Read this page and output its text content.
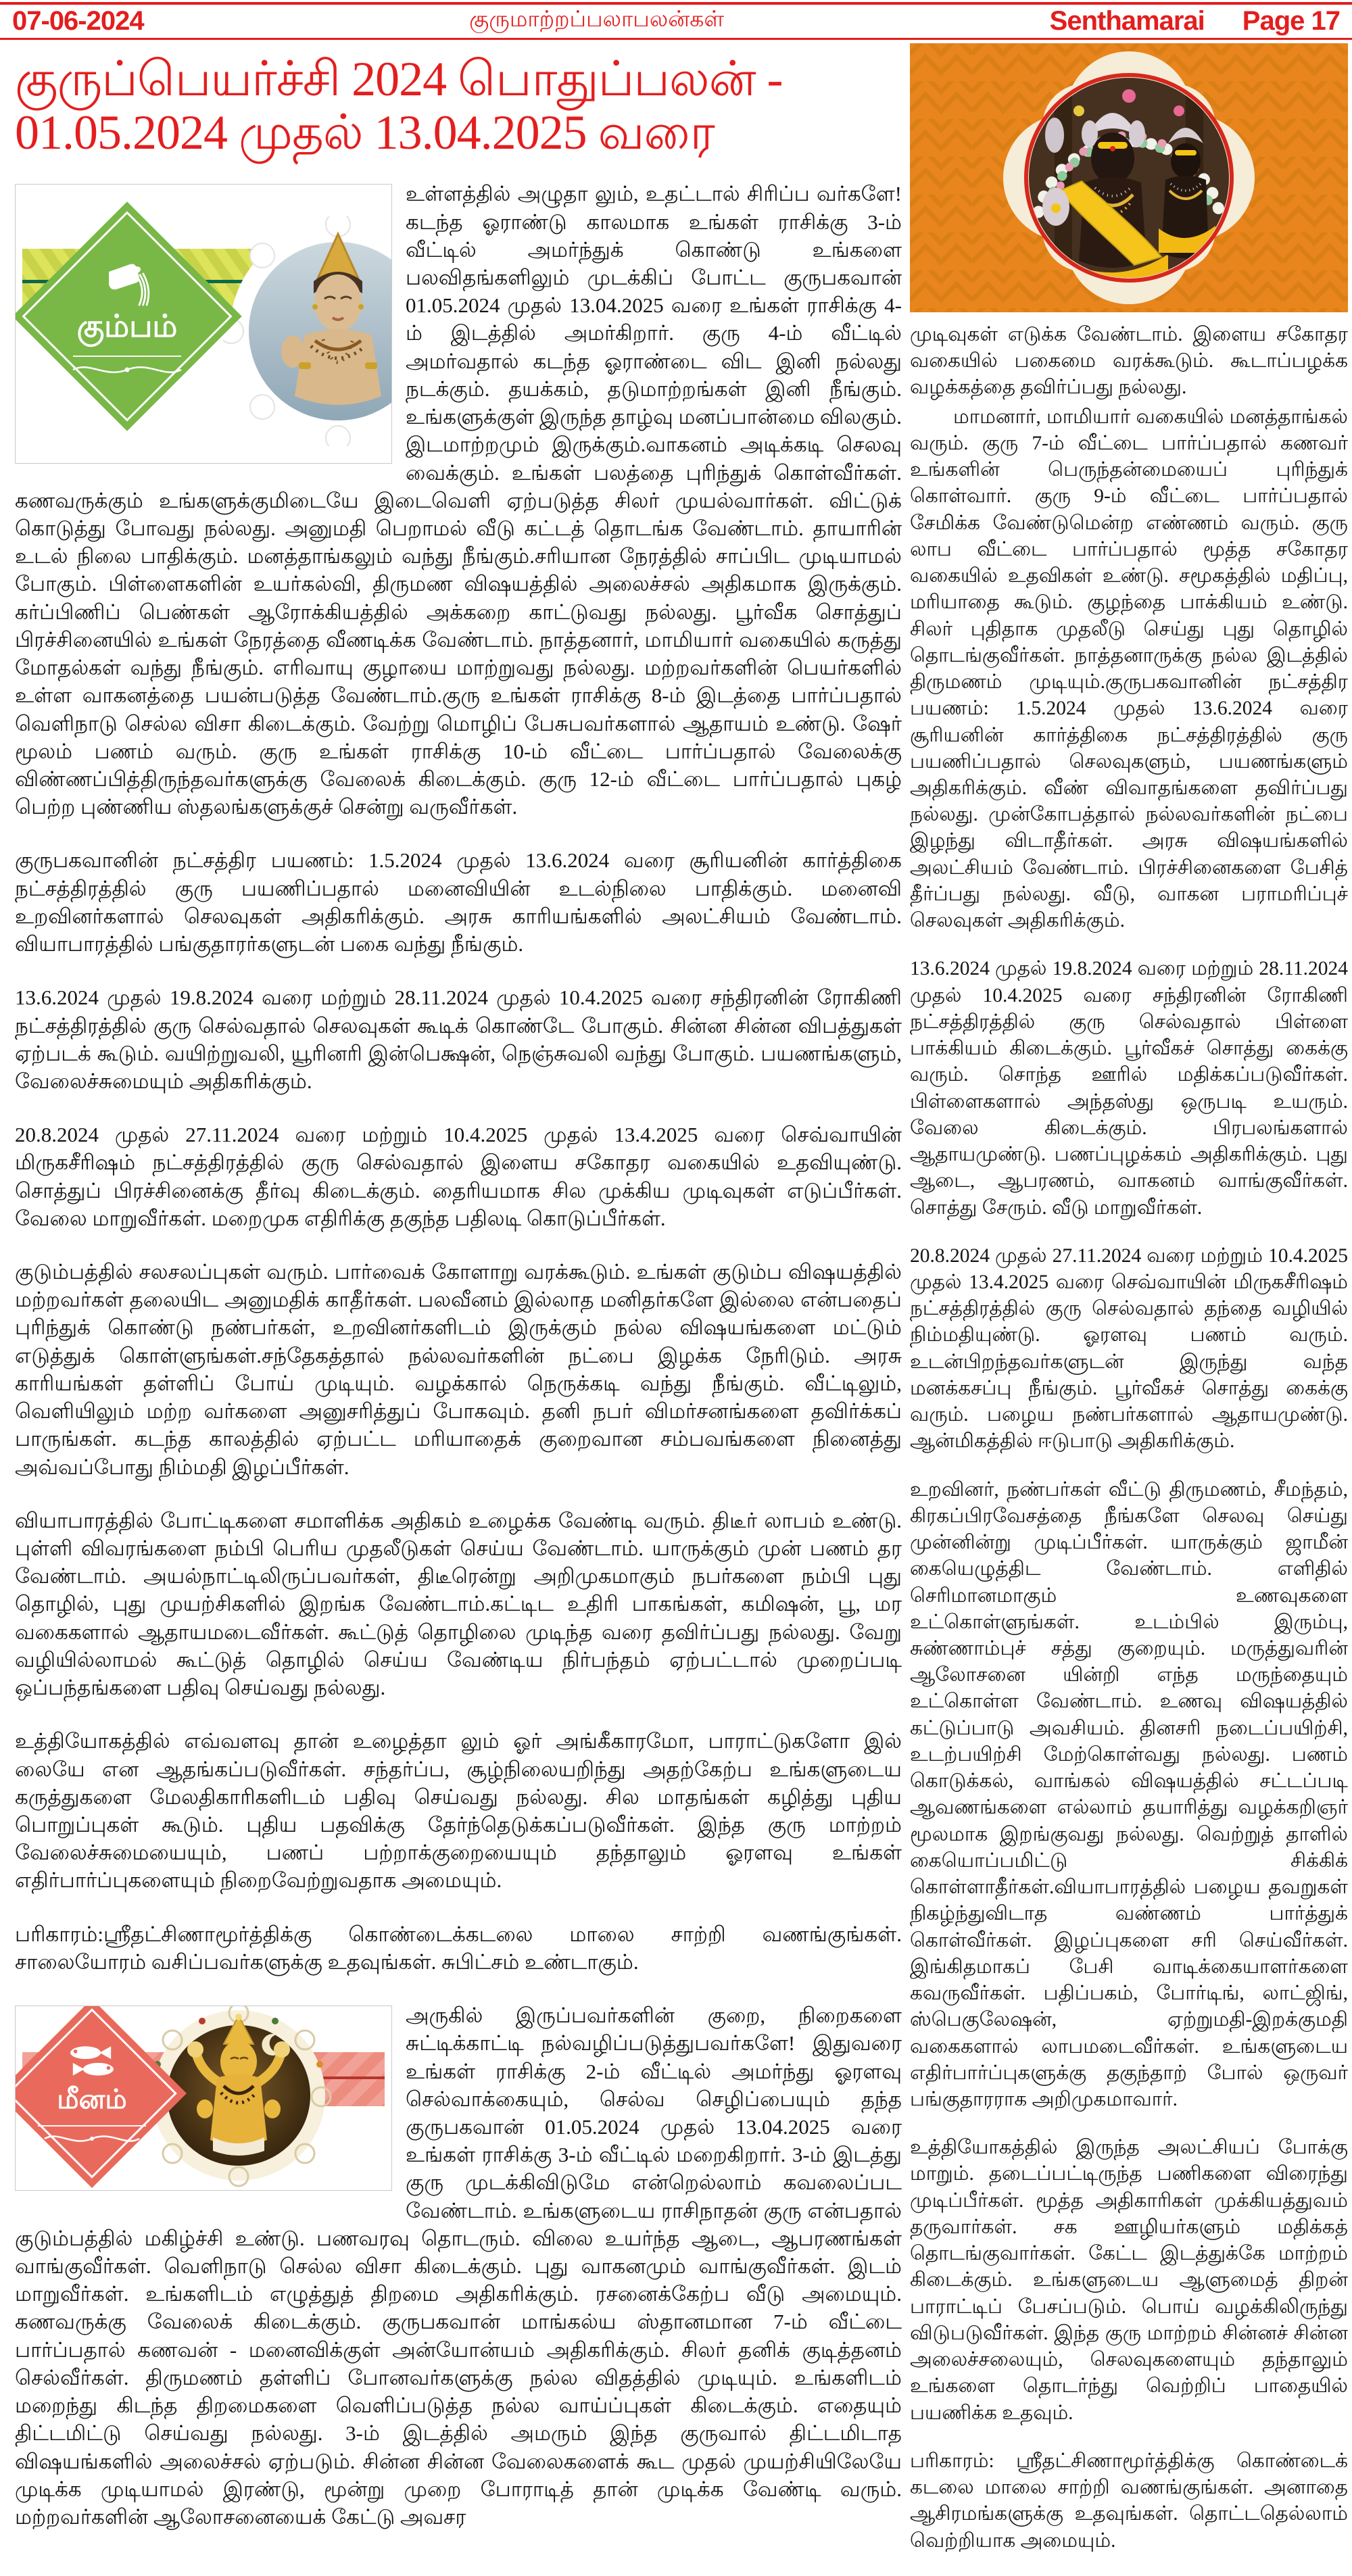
07-06-2024	குருமாற்றப்பலாபலன்கள்	Senthamarai Page 17
குருப்பெயர்ச்சி 2024 பொதுப்பலன் -
01.05.2024 முதல் 13.04.2025 வரை
கும்பம்

உள்ளத்தில் அழுதா லும், உதட்டால் சிரிப்ப வர்களே! கடந்த ஓராண்டு காலமாக உங்கள் ராசிக்கு 3-ம் வீட்டில் அமர்ந்துக் கொண்டு உங்களை பலவிதங்களிலும் முடக்கிப் போட்ட குருபகவான் 01.05.2024 முதல் 13.04.2025 வரை உங்கள் ராசிக்கு 4-ம் இடத்தில் அமர்கிறார். குரு 4-ம் வீட்டில் அமர்வதால் கடந்த ஓராண்டை விட இனி நல்லது நடக்கும். தயக்கம், தடுமாற்றங்கள் இனி நீங்கும். உங்களுக்குள் இருந்த தாழ்வு மனப்பான்மை விலகும். இடமாற்றமும் இருக்கும்.வாகனம் அடிக்கடி செலவு வைக்கும். உங்கள் பலத்தை புரிந்துக் கொள்வீர்கள். கணவருக்கும் உங்களுக்குமிடையே இடைவெளி ஏற்படுத்த சிலர் முயல்வார்கள். விட்டுக் கொடுத்து போவது நல்லது. அனுமதி பெறாமல் வீடு கட்டத் தொடங்க வேண்டாம். தாயாரின் உடல் நிலை பாதிக்கும். மனத்தாங்கலும் வந்து நீங்கும்.சரியான நேரத்தில் சாப்பிட முடியாமல் போகும். பிள்ளைகளின் உயர்கல்வி, திருமண விஷயத்தில் அலைச்சல் அதிகமாக இருக்கும். கர்ப்பிணிப் பெண்கள் ஆரோக்கியத்தில் அக்கறை காட்டுவது நல்லது. பூர்வீக சொத்துப் பிரச்சினையில் உங்கள் நேரத்தை வீணடிக்க வேண்டாம். நாத்தனார், மாமியார் வகையில் கருத்து மோதல்கள் வந்து நீங்கும். எரிவாயு குழாயை மாற்றுவது நல்லது. மற்றவர்களின் பெயர்களில் உள்ள வாகனத்தை பயன்படுத்த வேண்டாம்.குரு உங்கள் ராசிக்கு 8-ம் இடத்தை பார்ப்பதால் வெளிநாடு செல்ல விசா கிடைக்கும். வேற்று மொழிப் பேசுபவர்களால் ஆதாயம் உண்டு. ஷேர் மூலம் பணம் வரும். குரு உங்கள் ராசிக்கு 10-ம் வீட்டை பார்ப்பதால் வேலைக்கு விண்ணப்பித்திருந்தவர்களுக்கு வேலைக் கிடைக்கும். குரு 12-ம் வீட்டை பார்ப்பதால் புகழ் பெற்ற புண்ணிய ஸ்தலங்களுக்குச் சென்று வருவீர்கள்.

குருபகவானின் நட்சத்திர பயணம்: 1.5.2024 முதல் 13.6.2024 வரை சூரியனின் கார்த்திகை நட்சத்திரத்தில் குரு பயணிப்பதால் மனைவியின் உடல்நிலை பாதிக்கும். மனைவி உறவினர்களால் செலவுகள் அதிகரிக்கும். அரசு காரியங்களில் அலட்சியம் வேண்டாம். வியாபாரத்தில் பங்குதாரர்களுடன் பகை வந்து நீங்கும்.

13.6.2024 முதல் 19.8.2024 வரை மற்றும் 28.11.2024 முதல் 10.4.2025 வரை சந்திரனின் ரோகிணி நட்சத்திரத்தில் குரு செல்வதால் செலவுகள் கூடிக் கொண்டே போகும். சின்ன சின்ன விபத்துகள் ஏற்படக் கூடும். வயிற்றுவலி, யூரினரி இன்பெக்ஷன், நெஞ்சுவலி வந்து போகும். பயணங்களும், வேலைச்சுமையும் அதிகரிக்கும்.

20.8.2024 முதல் 27.11.2024 வரை மற்றும் 10.4.2025 முதல் 13.4.2025 வரை செவ்வாயின் மிருகசீரிஷம் நட்சத்திரத்தில் குரு செல்வதால் இளைய சகோதர வகையில் உதவியுண்டு. சொத்துப் பிரச்சினைக்கு தீர்வு கிடைக்கும். தைரியமாக சில முக்கிய முடிவுகள் எடுப்பீர்கள். வேலை மாறுவீர்கள். மறைமுக எதிரிக்கு தகுந்த பதிலடி கொடுப்பீர்கள்.

குடும்பத்தில் சலசலப்புகள் வரும். பார்வைக் கோளாறு வரக்கூடும். உங்கள் குடும்ப விஷயத்தில் மற்றவர்கள் தலையிட அனுமதிக் காதீர்கள். பலவீனம் இல்லாத மனிதர்களே இல்லை என்பதைப் புரிந்துக் கொண்டு நண்பர்கள், உறவினர்களிடம் இருக்கும் நல்ல விஷயங்களை மட்டும் எடுத்துக் கொள்ளுங்கள்.சந்தேகத்தால் நல்லவர்களின் நட்பை இழக்க நேரிடும். அரசு காரியங்கள் தள்ளிப் போய் முடியும். வழக்கால் நெருக்கடி வந்து நீங்கும். வீட்டிலும், வெளியிலும் மற்ற வர்களை அனுசரித்துப் போகவும். தனி நபர் விமர்சனங்களை தவிர்க்கப் பாருங்கள். கடந்த காலத்தில் ஏற்பட்ட மரியாதைக் குறைவான சம்பவங்களை நினைத்து அவ்வப்போது நிம்மதி இழப்பீர்கள்.

வியாபாரத்தில் போட்டிகளை சமாளிக்க அதிகம் உழைக்க வேண்டி வரும். திடீர் லாபம் உண்டு. புள்ளி விவரங்களை நம்பி பெரிய முதலீடுகள் செய்ய வேண்டாம். யாருக்கும் முன் பணம் தர வேண்டாம். அயல்நாட்டிலிருப்பவர்கள், திடீரென்று அறிமுகமாகும் நபர்களை நம்பி புது தொழில், புது முயற்சிகளில் இறங்க வேண்டாம்.கட்டிட உதிரி பாகங்கள், கமிஷன், பூ, மர வகைகளால் ஆதாயமடைவீர்கள். கூட்டுத் தொழிலை முடிந்த வரை தவிர்ப்பது நல்லது. வேறு வழியில்லாமல் கூட்டுத் தொழில் செய்ய வேண்டிய நிர்பந்தம் ஏற்பட்டால் முறைப்படி ஒப்பந்தங்களை பதிவு செய்வது நல்லது.

உத்தியோகத்தில் எவ்வளவு தான் உழைத்தா லும் ஓர் அங்கீகாரமோ, பாராட்டுகளோ இல் லையே என ஆதங்கப்படுவீர்கள். சந்தர்ப்ப, சூழ்நிலையறிந்து அதற்கேற்ப உங்களுடைய கருத்துகளை மேலதிகாரிகளிடம் பதிவு செய்வது நல்லது. சில மாதங்கள் கழித்து புதிய பொறுப்புகள் கூடும். புதிய பதவிக்கு தேர்ந்தெடுக்கப்படுவீர்கள். இந்த குரு மாற்றம் வேலைச்சுமையையும், பணப் பற்றாக்குறையையும் தந்தாலும் ஓரளவு உங்கள் எதிர்பார்ப்புகளையும் நிறைவேற்றுவதாக அமையும்.

பரிகாரம்:ஸ்ரீதட்சிணாமூர்த்திக்கு கொண்டைக்கடலை மாலை சாற்றி வணங்குங்கள். சாலையோரம் வசிப்பவர்களுக்கு உதவுங்கள். சுபிட்சம் உண்டாகும்.

மீனம்

அருகில் இருப்பவர்களின் குறை, நிறைகளை சுட்டிக்காட்டி நல்வழிப்படுத்துபவர்களே! இதுவரை உங்கள் ராசிக்கு 2-ம் வீட்டில் அமர்ந்து ஓரளவு செல்வாக்கையும், செல்வ செழிப்பையும் தந்த குருபகவான் 01.05.2024 முதல் 13.04.2025 வரை உங்கள் ராசிக்கு 3-ம் வீட்டில் மறைகிறார். 3-ம் இடத்து குரு முடக்கிவிடுமே என்றெல்லாம் கவலைப்பட வேண்டாம். உங்களுடைய ராசிநாதன் குரு என்பதால் குடும்பத்தில் மகிழ்ச்சி உண்டு. பணவரவு தொடரும். விலை உயர்ந்த ஆடை, ஆபரணங்கள் வாங்குவீர்கள். வெளிநாடு செல்ல விசா கிடைக்கும். புது வாகனமும் வாங்குவீர்கள். இடம் மாறுவீர்கள். உங்களிடம் எழுத்துத் திறமை அதிகரிக்கும். ரசனைக்கேற்ப வீடு அமையும். கணவருக்கு வேலைக் கிடைக்கும். குருபகவான் மாங்கல்ய ஸ்தானமான 7-ம் வீட்டை பார்ப்பதால் கணவன் - மனைவிக்குள் அன்யோன்யம் அதிகரிக்கும். சிலர் தனிக் குடித்தனம் செல்வீர்கள். திருமணம் தள்ளிப் போனவர்களுக்கு நல்ல விதத்தில் முடியும். உங்களிடம் மறைந்து கிடந்த திறமைகளை வெளிப்படுத்த நல்ல வாய்ப்புகள் கிடைக்கும். எதையும் திட்டமிட்டு செய்வது நல்லது. 3-ம் இடத்தில் அமரும் இந்த குருவால் திட்டமிடாத விஷயங்களில் அலைச்சல் ஏற்படும். சின்ன சின்ன வேலைகளைக் கூட முதல் முயற்சியிலேயே முடிக்க முடியாமல் இரண்டு, மூன்று முறை போராடித் தான் முடிக்க வேண்டி வரும். மற்றவர்களின் ஆலோசனையைக் கேட்டு அவசர

முடிவுகள் எடுக்க வேண்டாம். இளைய சகோதர வகையில் பகைமை வரக்கூடும். கூடாப்பழக்க வழக்கத்தை தவிர்ப்பது நல்லது.

மாமனார், மாமியார் வகையில் மனத்தாங்கல் வரும். குரு 7-ம் வீட்டை பார்ப்பதால் கணவர் உங்களின் பெருந்தன்மையைப் புரிந்துக் கொள்வார். குரு 9-ம் வீட்டை பார்ப்பதால் சேமிக்க வேண்டுமென்ற எண்ணம் வரும். குரு லாப வீட்டை பார்ப்பதால் மூத்த சகோதர வகையில் உதவிகள் உண்டு. சமூகத்தில் மதிப்பு, மரியாதை கூடும். குழந்தை பாக்கியம் உண்டு. சிலர் புதிதாக முதலீடு செய்து புது தொழில் தொடங்குவீர்கள். நாத்தனாருக்கு நல்ல இடத்தில் திருமணம் முடியும்.குருபகவானின் நட்சத்திர பயணம்: 1.5.2024 முதல் 13.6.2024 வரை சூரியனின் கார்த்திகை நட்சத்திரத்தில் குரு பயணிப்பதால் செலவுகளும், பயணங்களும் அதிகரிக்கும். வீண் விவாதங்களை தவிர்ப்பது நல்லது. முன்கோபத்தால் நல்லவர்களின் நட்பை இழந்து விடாதீர்கள். அரசு விஷயங்களில் அலட்சியம் வேண்டாம். பிரச்சினைகளை பேசித் தீர்ப்பது நல்லது. வீடு, வாகன பராமரிப்புச் செலவுகள் அதிகரிக்கும்.

13.6.2024 முதல் 19.8.2024 வரை மற்றும் 28.11.2024 முதல் 10.4.2025 வரை சந்திரனின் ரோகிணி நட்சத்திரத்தில் குரு செல்வதால் பிள்ளை பாக்கியம் கிடைக்கும். பூர்வீகச் சொத்து கைக்கு வரும். சொந்த ஊரில் மதிக்கப்படுவீர்கள். பிள்ளைகளால் அந்தஸ்து ஒருபடி உயரும். வேலை கிடைக்கும். பிரபலங்களால் ஆதாயமுண்டு. பணப்புழக்கம் அதிகரிக்கும். புது ஆடை, ஆபரணம், வாகனம் வாங்குவீர்கள். சொத்து சேரும். வீடு மாறுவீர்கள்.

20.8.2024 முதல் 27.11.2024 வரை மற்றும் 10.4.2025 முதல் 13.4.2025 வரை செவ்வாயின் மிருகசீரிஷம் நட்சத்திரத்தில் குரு செல்வதால் தந்தை வழியில் நிம்மதியுண்டு. ஓரளவு பணம் வரும். உடன்பிறந்தவர்களுடன் இருந்து வந்த மனக்கசப்பு நீங்கும். பூர்வீகச் சொத்து கைக்கு வரும். பழைய நண்பர்களால் ஆதாயமுண்டு. ஆன்மிகத்தில் ஈடுபாடு அதிகரிக்கும்.

உறவினர், நண்பர்கள் வீட்டு திருமணம், சீமந்தம், கிரகப்பிரவேசத்தை நீங்களே செலவு செய்து முன்னின்று முடிப்பீர்கள். யாருக்கும் ஜாமீன் கையெழுத்திட வேண்டாம். எளிதில் செரிமானமாகும் உணவுகளை உட்கொள்ளுங்கள். உடம்பில் இரும்பு, சுண்ணாம்புச் சத்து குறையும். மருத்துவரின் ஆலோசனை யின்றி எந்த மருந்தையும் உட்கொள்ள வேண்டாம். உணவு விஷயத்தில் கட்டுப்பாடு அவசியம். தினசரி நடைப்பயிற்சி, உடற்பயிற்சி மேற்கொள்வது நல்லது. பணம் கொடுக்கல், வாங்கல் விஷயத்தில் சட்டப்படி ஆவணங்களை எல்லாம் தயாரித்து வழக்கறிஞர் மூலமாக இறங்குவது நல்லது. வெற்றுத் தாளில் கையொப்பமிட்டு சிக்கிக் கொள்ளாதீர்கள்.வியாபாரத்தில் பழைய தவறுகள் நிகழ்ந்துவிடாத வண்ணம் பார்த்துக் கொள்வீர்கள். இழப்புகளை சரி செய்வீர்கள். இங்கிதமாகப் பேசி வாடிக்கையாளர்களை கவருவீர்கள். பதிப்பகம், போர்டிங், லாட்ஜிங், ஸ்பெகுலேஷன், ஏற்றுமதி-இறக்குமதி வகைகளால் லாபமடைவீர்கள். உங்களுடைய எதிர்பார்ப்புகளுக்கு தகுந்தாற் போல் ஒருவர் பங்குதாரராக அறிமுகமாவார்.

உத்தியோகத்தில் இருந்த அலட்சியப் போக்கு மாறும். தடைப்பட்டிருந்த பணிகளை விரைந்து முடிப்பீர்கள். மூத்த அதிகாரிகள் முக்கியத்துவம் தருவார்கள். சக ஊழியர்களும் மதிக்கத் தொடங்குவார்கள். கேட்ட இடத்துக்கே மாற்றம் கிடைக்கும். உங்களுடைய ஆளுமைத் திறன் பாராட்டிப் பேசப்படும். பொய் வழக்கிலிருந்து விடுபடுவீர்கள். இந்த குரு மாற்றம் சின்னச் சின்ன அலைச்சலையும், செலவுகளையும் தந்தாலும் உங்களை தொடர்ந்து வெற்றிப் பாதையில் பயணிக்க உதவும்.

பரிகாரம்: ஸ்ரீதட்சிணாமூர்த்திக்கு கொண்டைக் கடலை மாலை சாற்றி வணங்குங்கள். அனாதை ஆசிரமங்களுக்கு உதவுங்கள். தொட்டதெல்லாம் வெற்றியாக அமையும்.
